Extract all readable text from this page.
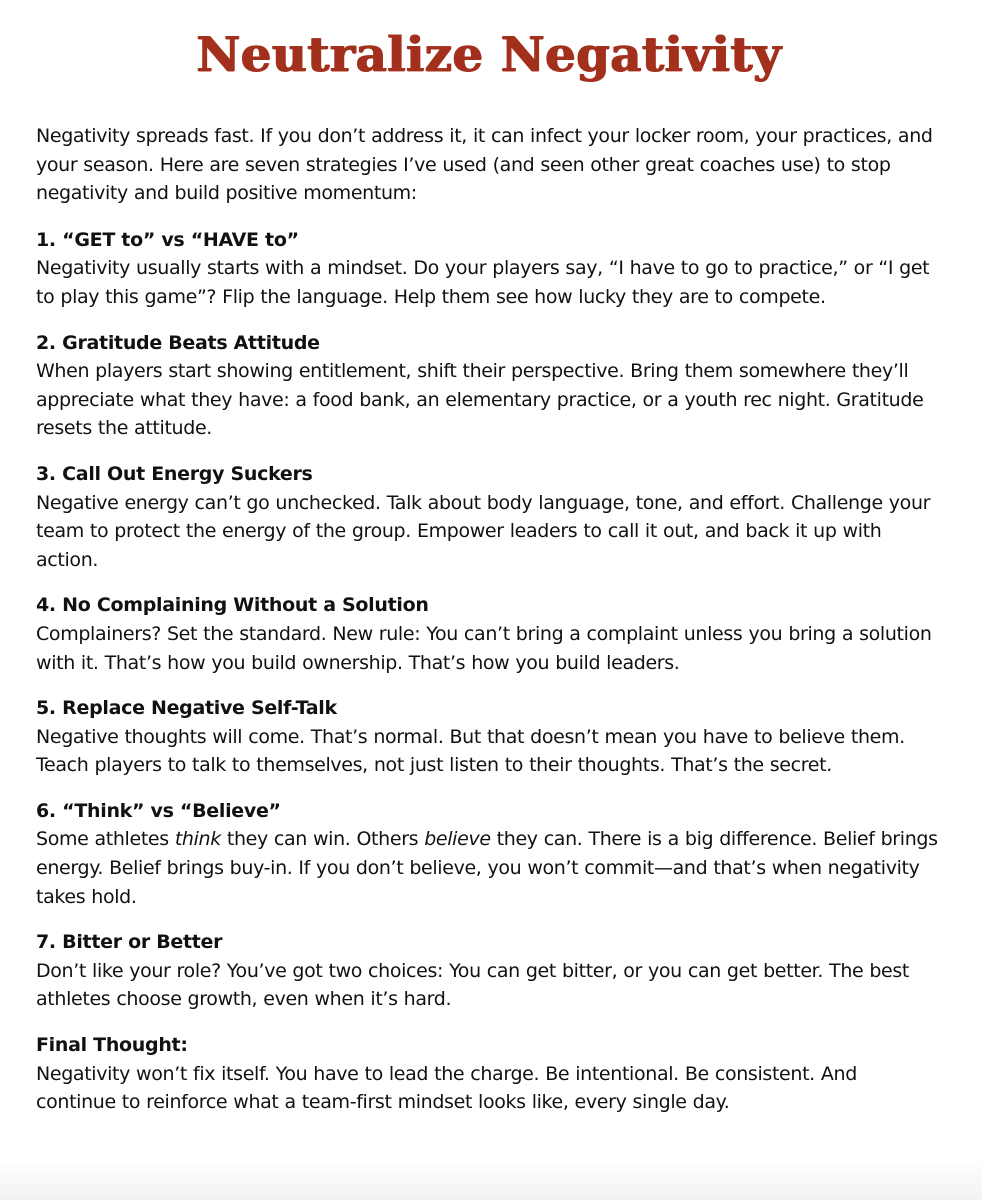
Neutralize Negativity

Negativity spreads fast. If you don’t address it, it can infect your locker room, your practices, and your season. Here are seven strategies I’ve used (and seen other great coaches use) to stop negativity and build positive momentum:

1. “GET to” vs “HAVE to”

Negativity usually starts with a mindset. Do your players say, “I have to go to practice,” or “I get to play this game”? Flip the language. Help them see how lucky they are to compete.

2. Gratitude Beats Attitude

When players start showing entitlement, shift their perspective. Bring them somewhere they’ll appreciate what they have: a food bank, an elementary practice, or a youth rec night. Gratitude resets the attitude.

3. Call Out Energy Suckers

Negative energy can’t go unchecked. Talk about body language, tone, and effort. Challenge your team to protect the energy of the group. Empower leaders to call it out, and back it up with action.

4. No Complaining Without a Solution

Complainers? Set the standard. New rule: You can’t bring a complaint unless you bring a solution with it. That’s how you build ownership. That’s how you build leaders.

5. Replace Negative Self-Talk

Negative thoughts will come. That’s normal. But that doesn’t mean you have to believe them. Teach players to talk to themselves, not just listen to their thoughts. That’s the secret.

6. “Think” vs “Believe”

Some athletes think they can win. Others believe they can. There is a big difference. Belief brings energy. Belief brings buy-in. If you don’t believe, you won’t commit—and that’s when negativity takes hold.

7. Bitter or Better

Don’t like your role? You’ve got two choices: You can get bitter, or you can get better. The best athletes choose growth, even when it’s hard.

Final Thought:

Negativity won’t fix itself. You have to lead the charge. Be intentional. Be consistent. And continue to reinforce what a team-first mindset looks like, every single day.
